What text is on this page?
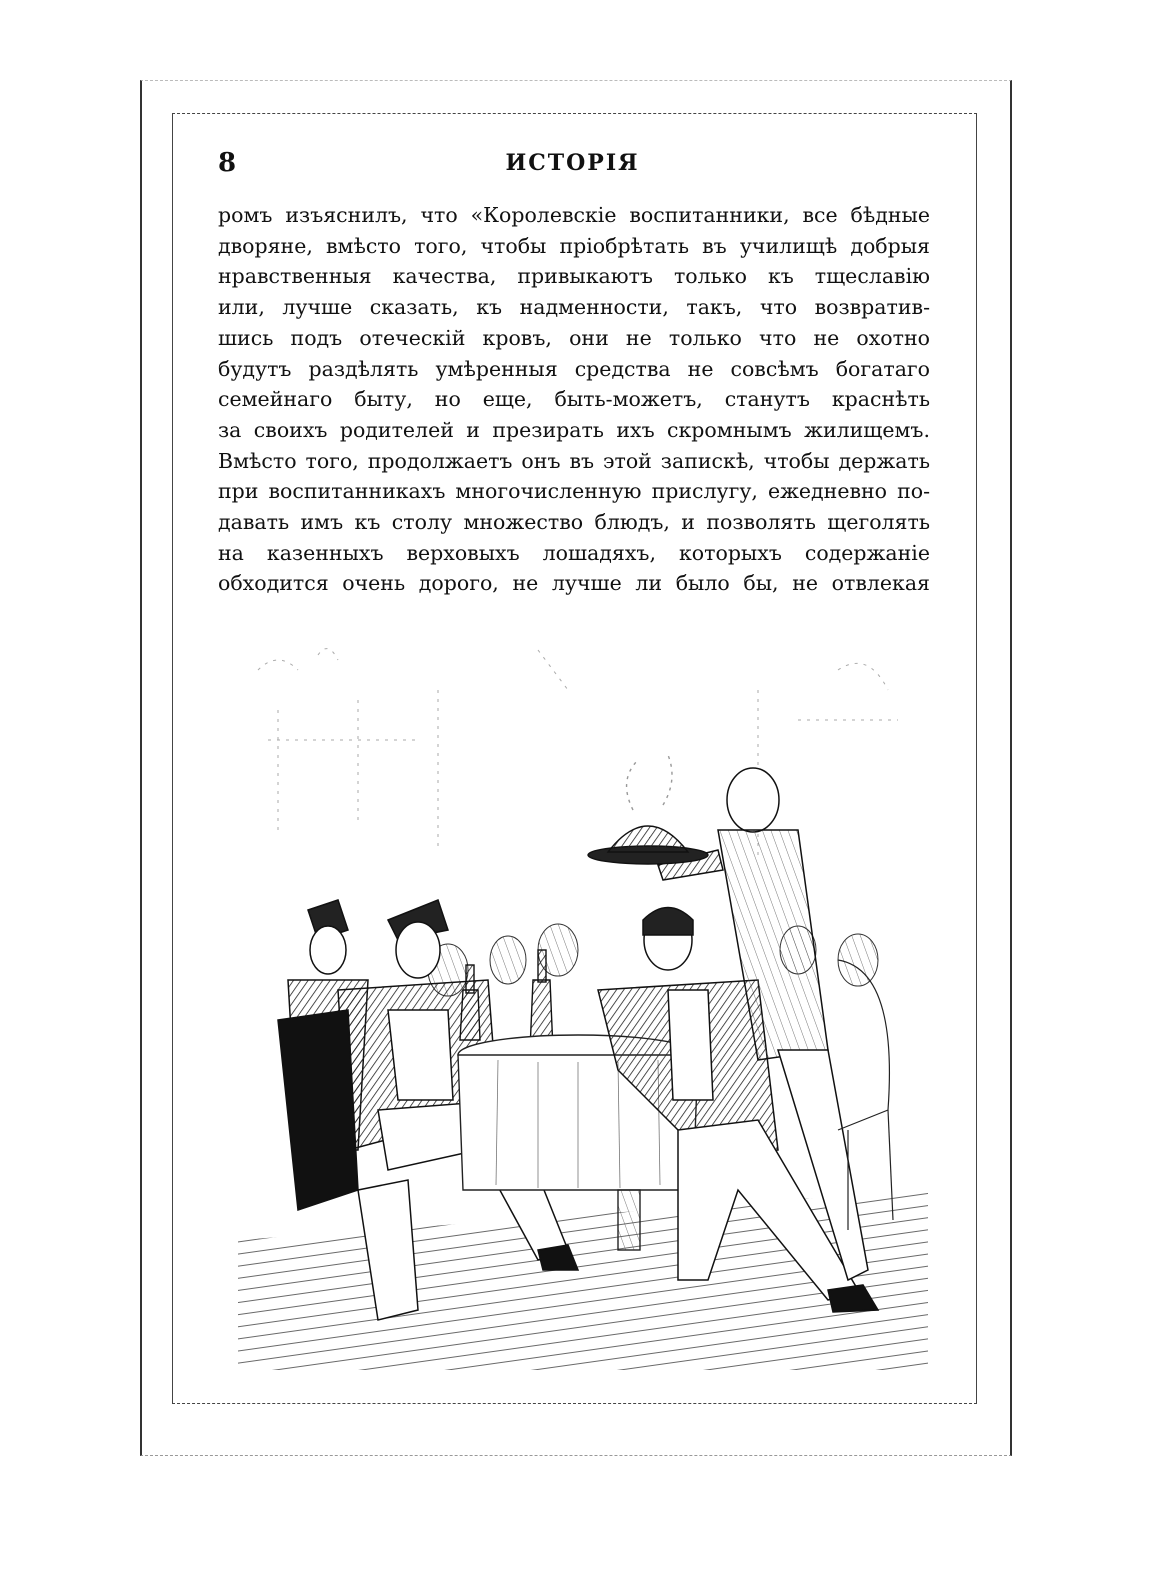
8	ИСТОРІЯ
ромъ изъяснилъ, что «Королевскіе воспитанники, все бѣдные
дворяне, вмѣсто того, чтобы пріобрѣтать въ училищѣ добрыя
нравственныя качества, привыкаютъ только къ тщеславію
или, лучше сказать, къ надменности, такъ, что возвратив-
шись подъ отеческій кровъ, они не только что не охотно
будутъ раздѣлять умѣренныя средства не совсѣмъ богатаго
семейнаго быту, но еще, быть-можетъ, станутъ краснѣть
за своихъ родителей и презирать ихъ скромнымъ жилищемъ.
Вмѣсто того, продолжаетъ онъ въ этой запискѣ, чтобы держать
при воспитанникахъ многочисленную прислугу, ежедневно по-
давать имъ къ столу множество блюдъ, и позволять щеголять
на казенныхъ верховыхъ лошадяхъ, которыхъ содержаніе
обходится очень дорого, не лучше ли было бы, не отвлекая
